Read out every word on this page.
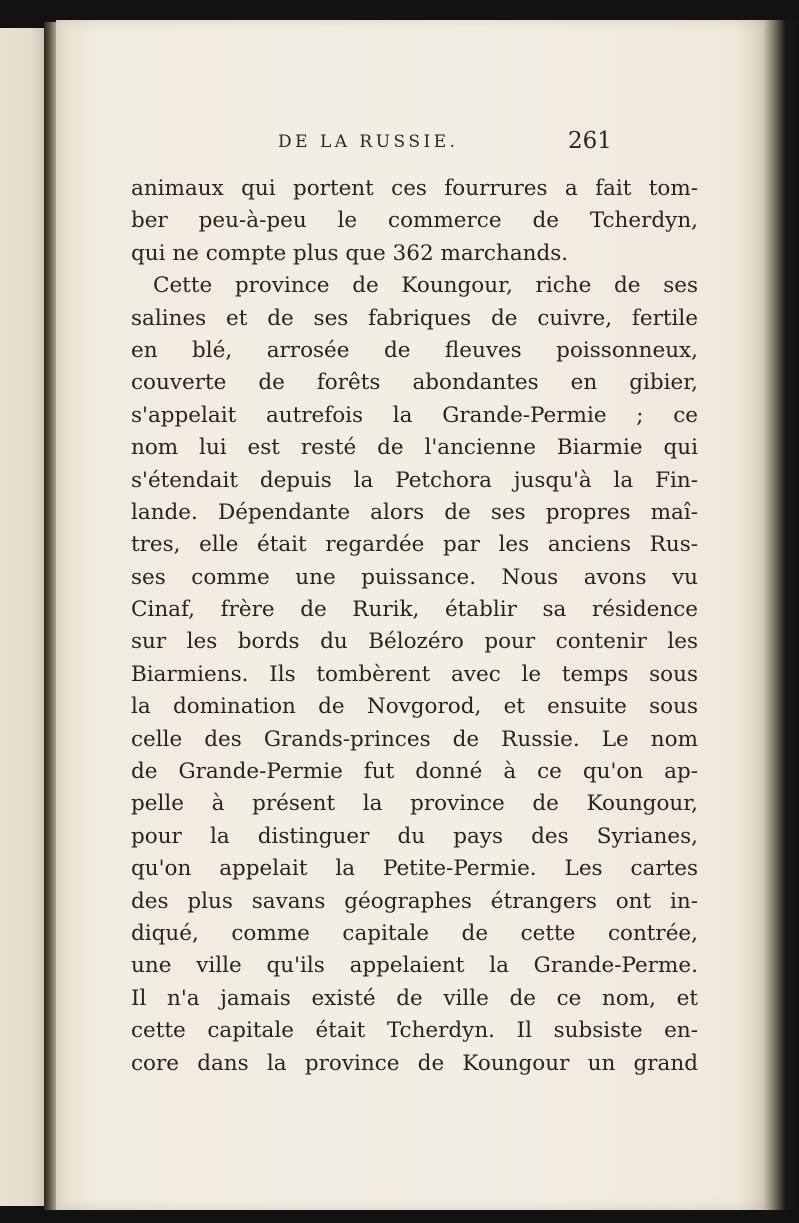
DE LA RUSSIE.	261
animaux qui portent ces fourrures a fait tom-
ber peu-à-peu le commerce de Tcherdyn,
qui ne compte plus que 362 marchands.
Cette province de Koungour, riche de ses
salines et de ses fabriques de cuivre, fertile
en blé, arrosée de fleuves poissonneux,
couverte de forêts abondantes en gibier,
s'appelait autrefois la Grande-Permie ; ce
nom lui est resté de l'ancienne Biarmie qui
s'étendait depuis la Petchora jusqu'à la Fin-
lande. Dépendante alors de ses propres maî-
tres, elle était regardée par les anciens Rus-
ses comme une puissance. Nous avons vu
Cinaf, frère de Rurik, établir sa résidence
sur les bords du Bélozéro pour contenir les
Biarmiens. Ils tombèrent avec le temps sous
la domination de Novgorod, et ensuite sous
celle des Grands-princes de Russie. Le nom
de Grande-Permie fut donné à ce qu'on ap-
pelle à présent la province de Koungour,
pour la distinguer du pays des Syrianes,
qu'on appelait la Petite-Permie. Les cartes
des plus savans géographes étrangers ont in-
diqué, comme capitale de cette contrée,
une ville qu'ils appelaient la Grande-Perme.
Il n'a jamais existé de ville de ce nom, et
cette capitale était Tcherdyn. Il subsiste en-
core dans la province de Koungour un grand
